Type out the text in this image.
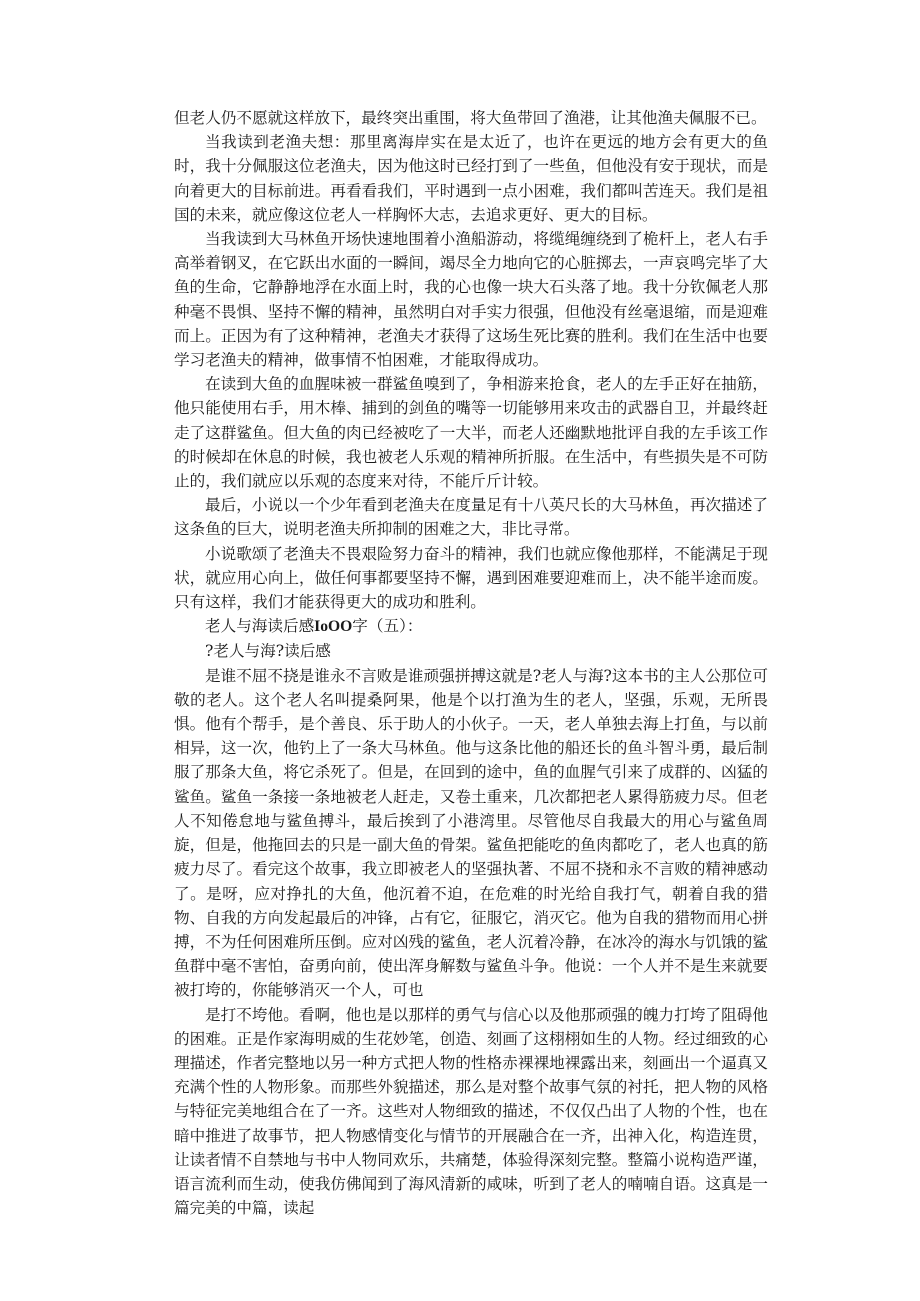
但老人仍不愿就这样放下，最终突出重围，将大鱼带回了渔港，让其他渔夫佩服不已。

当我读到老渔夫想：那里离海岸实在是太近了，也许在更远的地方会有更大的鱼时，我十分佩服这位老渔夫，因为他这时已经打到了一些鱼，但他没有安于现状，而是向着更大的目标前进。再看看我们，平时遇到一点小困难，我们都叫苦连天。我们是祖国的未来，就应像这位老人一样胸怀大志，去追求更好、更大的目标。

当我读到大马林鱼开场快速地围着小渔船游动，将缆绳缠绕到了桅杆上，老人右手高举着钢叉，在它跃出水面的一瞬间，竭尽全力地向它的心脏掷去，一声哀鸣完毕了大鱼的生命，它静静地浮在水面上时，我的心也像一块大石头落了地。我十分钦佩老人那种毫不畏惧、坚持不懈的精神，虽然明白对手实力很强，但他没有丝毫退缩，而是迎难而上。正因为有了这种精神，老渔夫才获得了这场生死比赛的胜利。我们在生活中也要学习老渔夫的精神，做事情不怕困难，才能取得成功。

在读到大鱼的血腥味被一群鲨鱼嗅到了，争相游来抢食，老人的左手正好在抽筋，他只能使用右手，用木棒、捕到的剑鱼的嘴等一切能够用来攻击的武器自卫，并最终赶走了这群鲨鱼。但大鱼的肉已经被吃了一大半，而老人还幽默地批评自我的左手该工作的时候却在休息的时候，我也被老人乐观的精神所折服。在生活中，有些损失是不可防止的，我们就应以乐观的态度来对待，不能斤斤计较。

最后，小说以一个少年看到老渔夫在度量足有十八英尺长的大马林鱼，再次描述了这条鱼的巨大，说明老渔夫所抑制的困难之大，非比寻常。

小说歌颂了老渔夫不畏艰险努力奋斗的精神，我们也就应像他那样，不能满足于现状，就应用心向上，做任何事都要坚持不懈，遇到困难要迎难而上，决不能半途而废。只有这样，我们才能获得更大的成功和胜利。

老人与海读后感IoOO字（五）：

?老人与海?读后感

是谁不屈不挠是谁永不言败是谁顽强拼搏这就是?老人与海?这本书的主人公那位可敬的老人。这个老人名叫提桑阿果，他是个以打渔为生的老人，坚强，乐观，无所畏惧。他有个帮手，是个善良、乐于助人的小伙子。一天，老人单独去海上打鱼，与以前相异，这一次，他钓上了一条大马林鱼。他与这条比他的船还长的鱼斗智斗勇，最后制服了那条大鱼，将它杀死了。但是，在回到的途中，鱼的血腥气引来了成群的、凶猛的鲨鱼。鲨鱼一条接一条地被老人赶走，又卷土重来，几次都把老人累得筋疲力尽。但老人不知倦怠地与鲨鱼搏斗，最后挨到了小港湾里。尽管他尽自我最大的用心与鲨鱼周旋，但是，他拖回去的只是一副大鱼的骨架。鲨鱼把能吃的鱼肉都吃了，老人也真的筋疲力尽了。看完这个故事，我立即被老人的坚强执著、不屈不挠和永不言败的精神感动了。是呀，应对挣扎的大鱼，他沉着不迫，在危难的时光给自我打气，朝着自我的猎物、自我的方向发起最后的冲锋，占有它，征服它，消灭它。他为自我的猎物而用心拼搏，不为任何困难所压倒。应对凶残的鲨鱼，老人沉着冷静，在冰冷的海水与饥饿的鲨鱼群中毫不害怕，奋勇向前，使出浑身解数与鲨鱼斗争。他说：一个人并不是生来就要被打垮的，你能够消灭一个人，可也

是打不垮他。看啊，他也是以那样的勇气与信心以及他那顽强的魄力打垮了阻碍他的困难。正是作家海明威的生花妙笔，创造、刻画了这栩栩如生的人物。经过细致的心理描述，作者完整地以另一种方式把人物的性格赤裸裸地裸露出来，刻画出一个逼真又充满个性的人物形象。而那些外貌描述，那么是对整个故事气氛的衬托，把人物的风格与特征完美地组合在了一齐。这些对人物细致的描述，不仅仅凸出了人物的个性，也在暗中推进了故事节，把人物感情变化与情节的开展融合在一齐，出神入化，构造连贯，让读者情不自禁地与书中人物同欢乐，共痛楚，体验得深刻完整。整篇小说构造严谨，语言流利而生动，使我仿佛闻到了海风清新的咸味，听到了老人的喃喃自语。这真是一篇完美的中篇，读起
